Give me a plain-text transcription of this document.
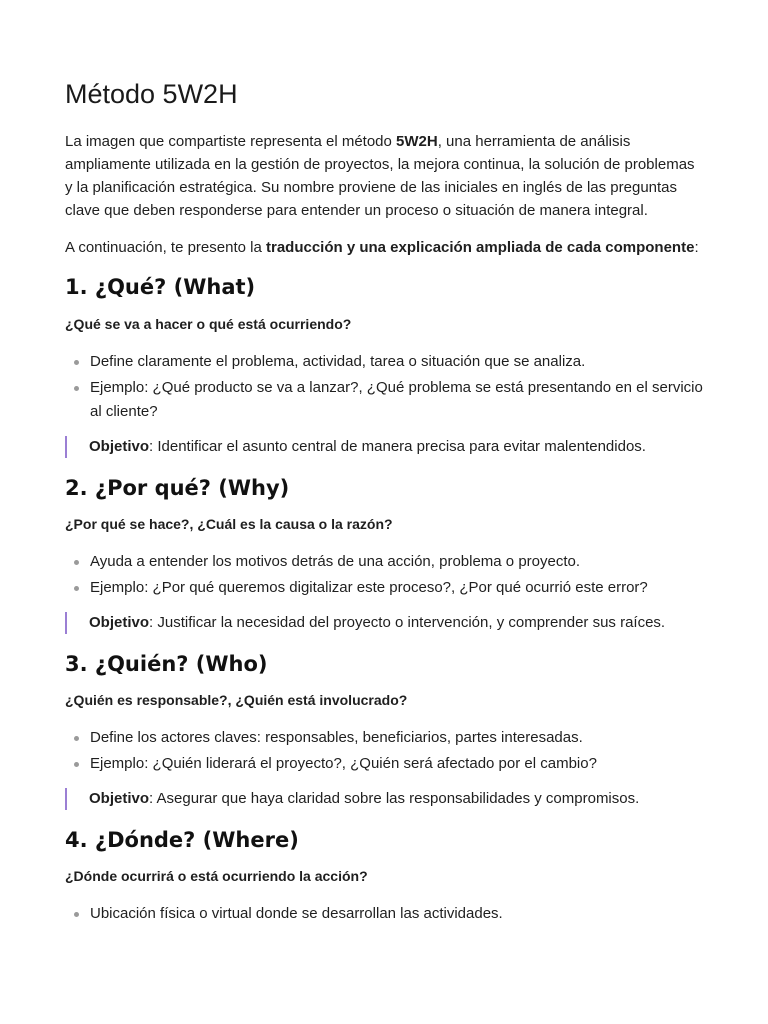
Método 5W2H

La imagen que compartiste representa el método 5W2H, una herramienta de análisis ampliamente utilizada en la gestión de proyectos, la mejora continua, la solución de problemas y la planificación estratégica. Su nombre proviene de las iniciales en inglés de las preguntas clave que deben responderse para entender un proceso o situación de manera integral.

A continuación, te presento la traducción y una explicación ampliada de cada componente:

1. ¿Qué? (What)

¿Qué se va a hacer o qué está ocurriendo?

Define claramente el problema, actividad, tarea o situación que se analiza.
Ejemplo: ¿Qué producto se va a lanzar?, ¿Qué problema se está presentando en el servicio al cliente?
Objetivo: Identificar el asunto central de manera precisa para evitar malentendidos.
2. ¿Por qué? (Why)

¿Por qué se hace?, ¿Cuál es la causa o la razón?

Ayuda a entender los motivos detrás de una acción, problema o proyecto.
Ejemplo: ¿Por qué queremos digitalizar este proceso?, ¿Por qué ocurrió este error?
Objetivo: Justificar la necesidad del proyecto o intervención, y comprender sus raíces.
3. ¿Quién? (Who)

¿Quién es responsable?, ¿Quién está involucrado?

Define los actores claves: responsables, beneficiarios, partes interesadas.
Ejemplo: ¿Quién liderará el proyecto?, ¿Quién será afectado por el cambio?
Objetivo: Asegurar que haya claridad sobre las responsabilidades y compromisos.
4. ¿Dónde? (Where)

¿Dónde ocurrirá o está ocurriendo la acción?

Ubicación física o virtual donde se desarrollan las actividades.
